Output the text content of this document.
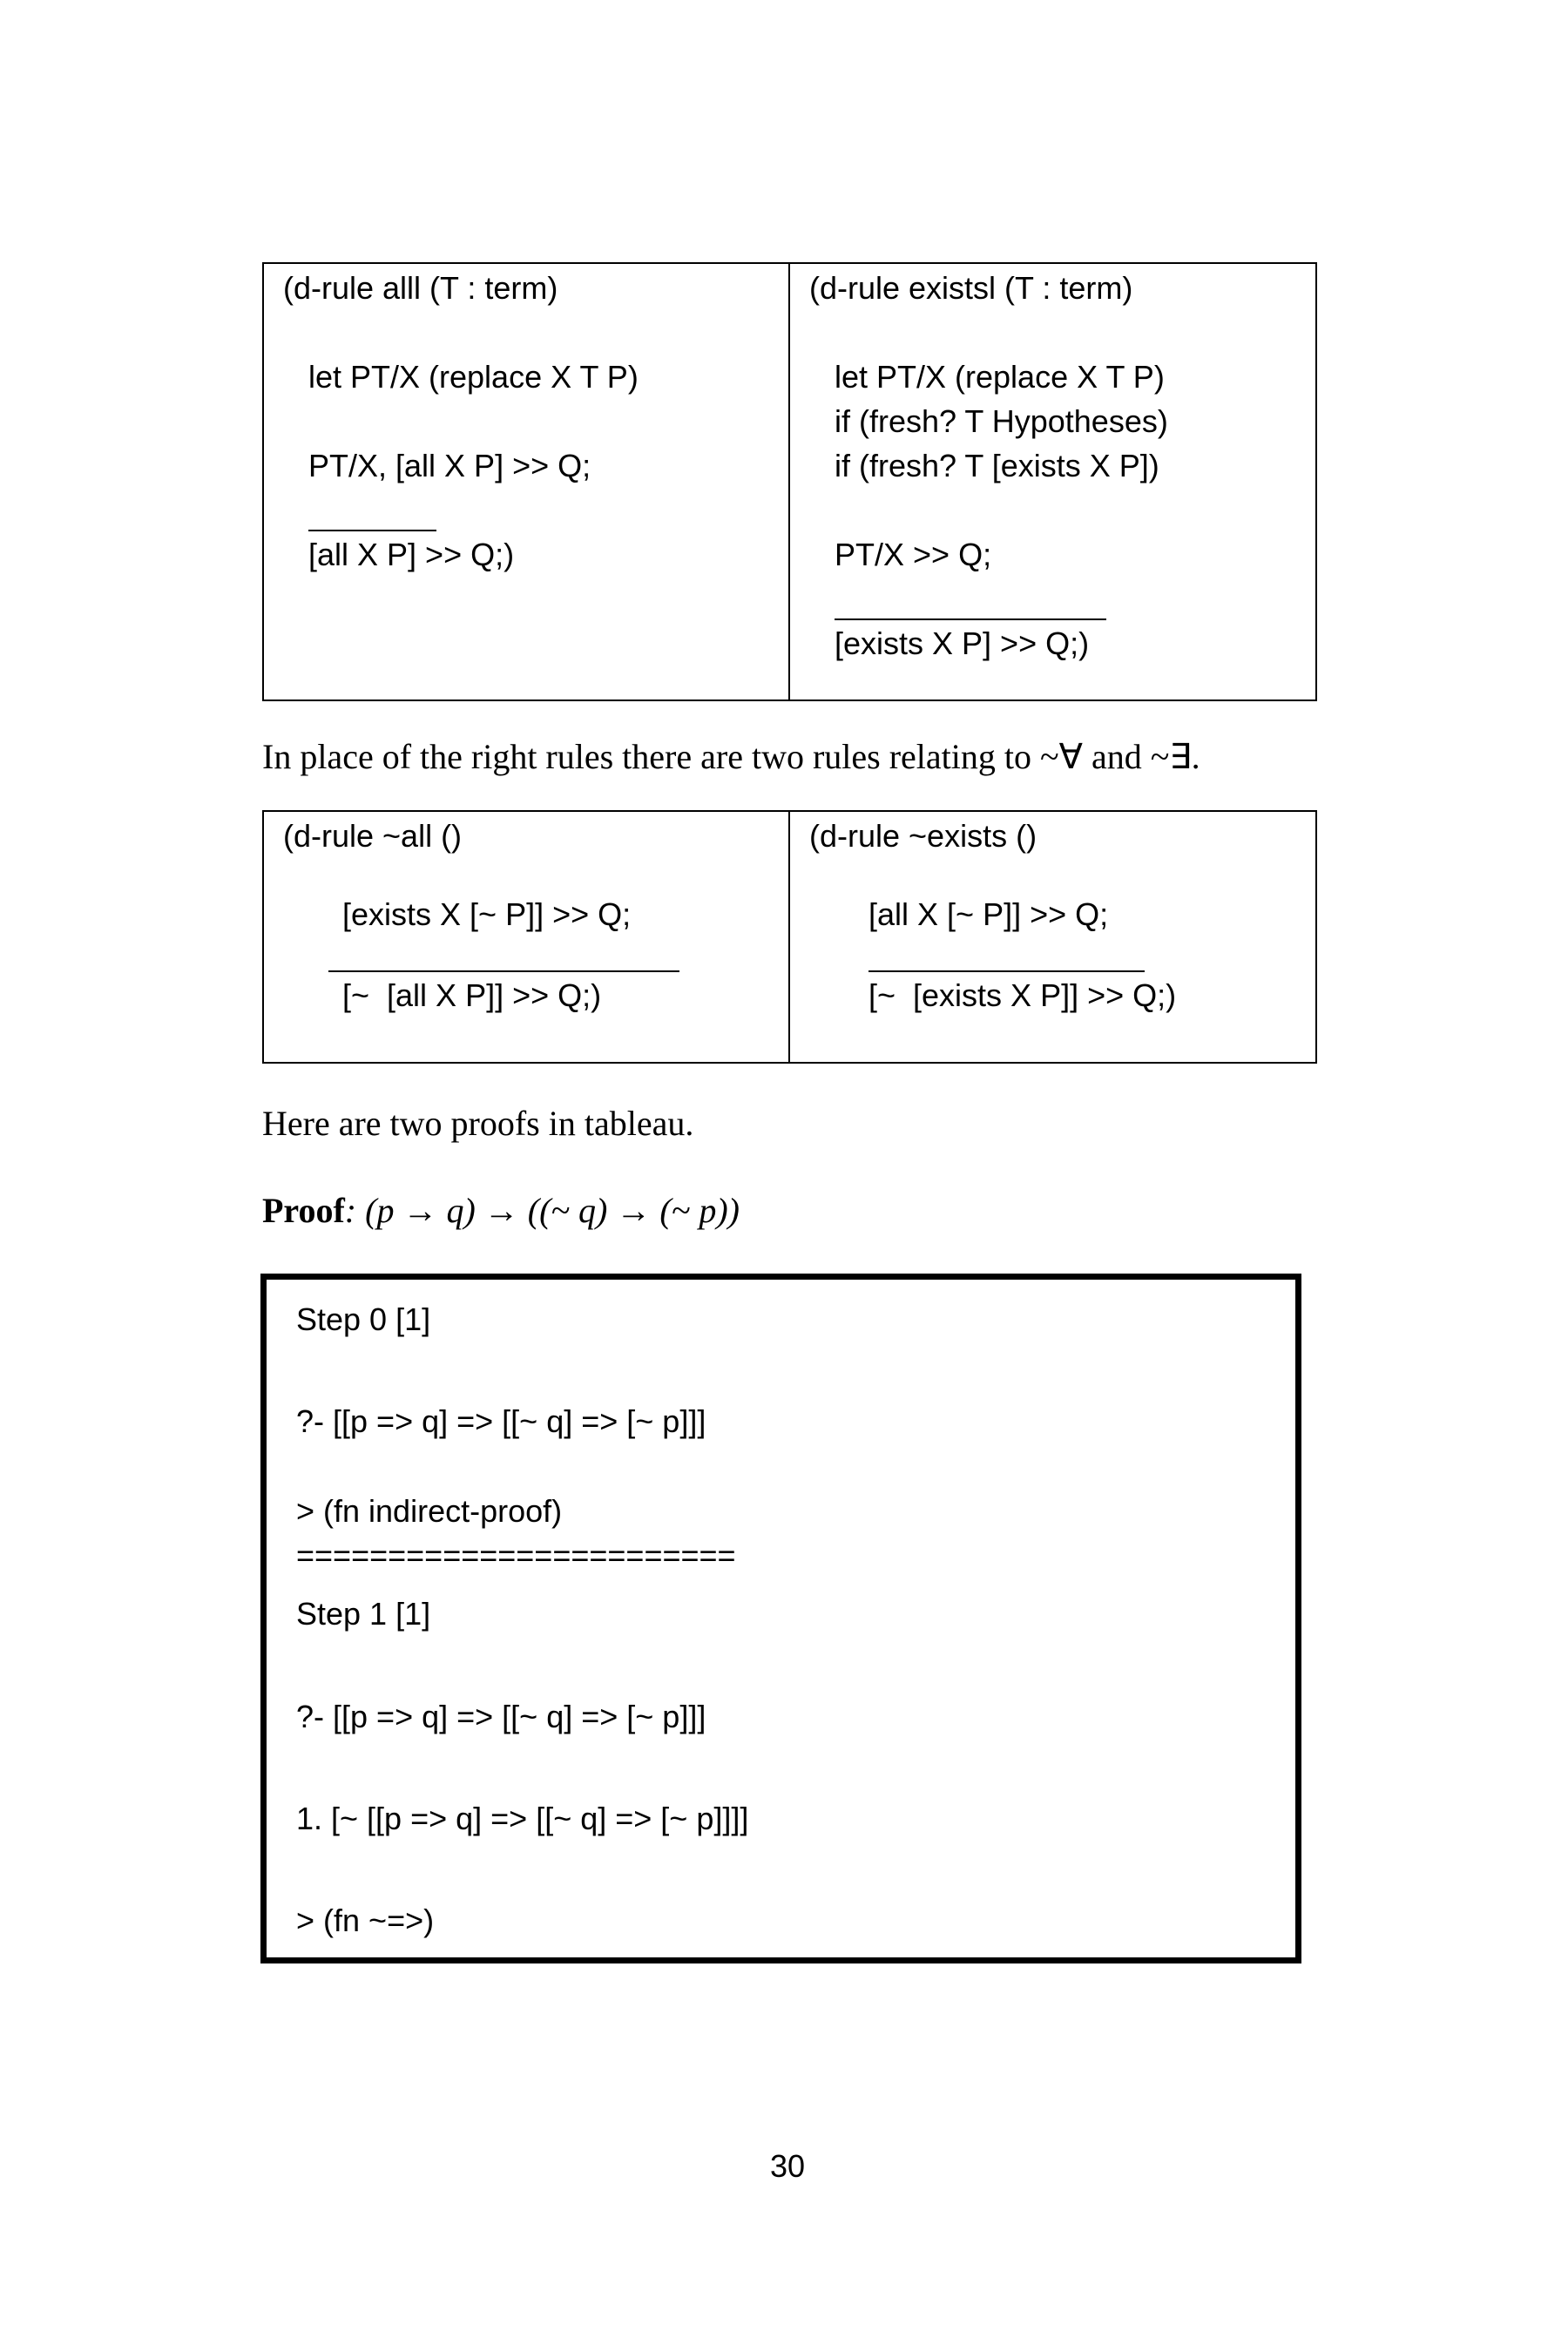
(d-rule alll (T : term)
let PT/X (replace X T P)
PT/X, [all X P] >> Q;
[all X P] >> Q;)

(d-rule existsl (T : term)
let PT/X (replace X T P)
if (fresh? T Hypotheses)
if (fresh? T [exists X P])
PT/X >> Q;
[exists X P] >> Q;)
In place of the right rules there are two rules relating to ~∀ and ~∃.
(d-rule ~all ()
[exists X [~ P]] >> Q;
[~  [all X P]] >> Q;)

(d-rule ~exists ()
[all X [~ P]] >> Q;
[~  [exists X P]] >> Q;)
Here are two proofs in tableau.
Proof: (p → q) → ((~ q) → (~ p))
Step 0 [1]
?- [[p => q] => [[~ q] => [~ p]]]
> (fn indirect-proof)
========================
Step 1 [1]
?- [[p => q] => [[~ q] => [~ p]]]
1. [~ [[p => q] => [[~ q] => [~ p]]]]
> (fn ~=>)
30
